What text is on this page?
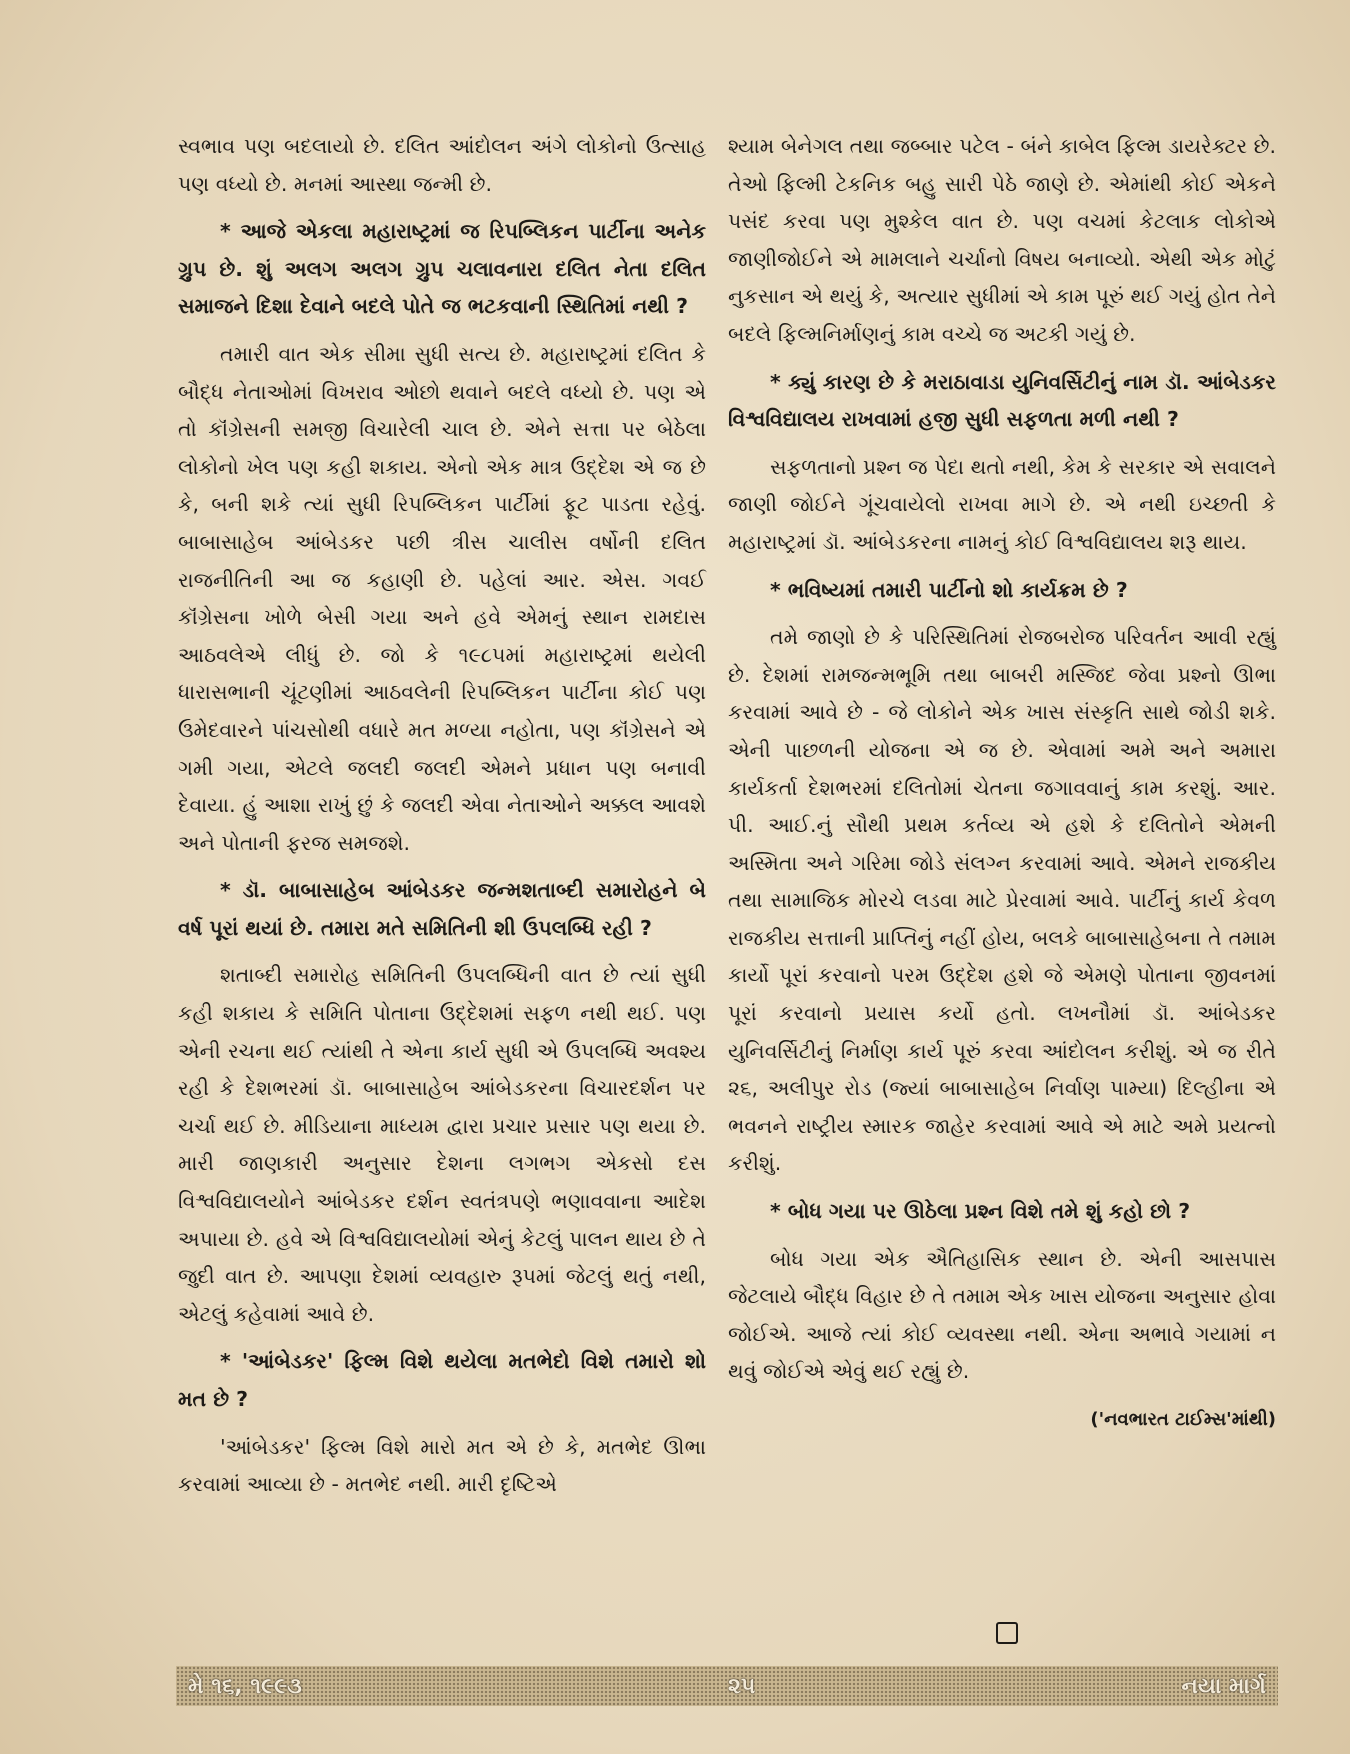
સ્વભાવ પણ બદલાયો છે. દલિત આંદોલન અંગે લોકોનો ઉત્સાહ પણ વધ્યો છે. મનમાં આસ્થા જન્મી છે.

* આજે એકલા મહારાષ્ટ્રમાં જ રિપબ્લિકન પાર્ટીના અનેક ગ્રુપ છે. શું અલગ અલગ ગ્રુપ ચલાવનારા દલિત નેતા દલિત સમાજને દિશા દેવાને બદલે પોતે જ ભટકવાની સ્થિતિમાં નથી ?

તમારી વાત એક સીમા સુધી સત્ય છે. મહારાષ્ટ્રમાં દલિત કે બૌદ્ધ નેતાઓમાં વિખરાવ ઓછો થવાને બદલે વધ્યો છે. પણ એ તો કૉંગ્રેસની સમજી વિચારેલી ચાલ છે. એને સત્તા પર બેઠેલા લોકોનો ખેલ પણ કહી શકાય. એનો એક માત્ર ઉદ્દેશ એ જ છે કે, બની શકે ત્યાં સુધી રિપબ્લિકન પાર્ટીમાં ફૂટ પાડતા રહેવું. બાબાસાહેબ આંબેડકર પછી ત્રીસ ચાલીસ વર્ષોની દલિત રાજનીતિની આ જ કહાણી છે. પહેલાં આર. એસ. ગવઈ કૉંગ્રેસના ખોળે બેસી ગયા અને હવે એમનું સ્થાન રામદાસ આઠવલેએ લીધું છે. જો કે ૧૯૮૫માં મહારાષ્ટ્રમાં થયેલી ધારાસભાની ચૂંટણીમાં આઠવલેની રિપબ્લિકન પાર્ટીના કોઈ પણ ઉમેદવારને પાંચસોથી વધારે મત મળ્યા નહોતા, પણ કૉંગ્રેસને એ ગમી ગયા, એટલે જલદી જલદી એમને પ્રધાન પણ બનાવી દેવાયા. હું આશા રાખું છું કે જલદી એવા નેતાઓને અક્કલ આવશે અને પોતાની ફરજ સમજશે.

* ડૉ. બાબાસાહેબ આંબેડકર જન્મશતાબ્દી સમારોહને બે વર્ષ પૂરાં થયાં છે. તમારા મતે સમિતિની શી ઉપલબ્ધિ રહી ?

શતાબ્દી સમારોહ સમિતિની ઉપલબ્ધિની વાત છે ત્યાં સુધી કહી શકાય કે સમિતિ પોતાના ઉદ્દેશમાં સફળ નથી થઈ. પણ એની રચના થઈ ત્યાંથી તે એના કાર્ય સુધી એ ઉપલબ્ધિ અવશ્ય રહી કે દેશભરમાં ડૉ. બાબાસાહેબ આંબેડકરના વિચારદર્શન પર ચર્ચા થઈ છે. મીડિયાના માધ્યમ દ્વારા પ્રચાર પ્રસાર પણ થયા છે. મારી જાણકારી અનુસાર દેશના લગભગ એકસો દસ વિશ્વવિદ્યાલયોને આંબેડકર દર્શન સ્વતંત્રપણે ભણાવવાના આદેશ અપાયા છે. હવે એ વિશ્વવિદ્યાલયોમાં એનું કેટલું પાલન થાય છે તે જુદી વાત છે. આપણા દેશમાં વ્યવહારુ રૂપમાં જેટલું થતું નથી, એટલું કહેવામાં આવે છે.

* 'આંબેડકર' ફિલ્મ વિશે થયેલા મતભેદો વિશે તમારો શો મત છે ?

'આંબેડકર' ફિલ્મ વિશે મારો મત એ છે કે, મતભેદ ઊભા કરવામાં આવ્યા છે - મતભેદ નથી. મારી દૃષ્ટિએ

શ્યામ બેનેગલ તથા જબ્બાર પટેલ - બંને કાબેલ ફિલ્મ ડાયરેક્ટર છે. તેઓ ફિલ્મી ટેકનિક બહુ સારી પેઠે જાણે છે. એમાંથી કોઈ એકને પસંદ કરવા પણ મુશ્કેલ વાત છે. પણ વચમાં કેટલાક લોકોએ જાણીજોઈને એ મામલાને ચર્ચાનો વિષય બનાવ્યો. એથી એક મોટું નુકસાન એ થયું કે, અત્યાર સુધીમાં એ કામ પૂરું થઈ ગયું હોત તેને બદલે ફિલ્મનિર્માણનું કામ વચ્ચે જ અટકી ગયું છે.

* ક્યું કારણ છે કે મરાઠાવાડા યુનિવર્સિટીનું નામ ડૉ. આંબેડકર વિશ્વવિદ્યાલય રાખવામાં હજી સુધી સફળતા મળી નથી ?

સફળતાનો પ્રશ્ન જ પેદા થતો નથી, કેમ કે સરકાર એ સવાલને જાણી જોઈને ગૂંચવાયેલો રાખવા માગે છે. એ નથી ઇચ્છતી કે મહારાષ્ટ્રમાં ડૉ. આંબેડકરના નામનું કોઈ વિશ્વવિદ્યાલય શરૂ થાય.

* ભવિષ્યમાં તમારી પાર્ટીનો શો કાર્યક્રમ છે ?

તમે જાણો છે કે પરિસ્થિતિમાં રોજબરોજ પરિવર્તન આવી રહ્યું છે. દેશમાં રામજન્મભૂમિ તથા બાબરી મસ્જિદ જેવા પ્રશ્નો ઊભા કરવામાં આવે છે - જે લોકોને એક ખાસ સંસ્કૃતિ સાથે જોડી શકે. એની પાછળની યોજના એ જ છે. એવામાં અમે અને અમારા કાર્યકર્તા દેશભરમાં દલિતોમાં ચેતના જગાવવાનું કામ કરશું. આર. પી. આઈ.નું સૌથી પ્રથમ કર્તવ્ય એ હશે કે દલિતોને એમની અસ્મિતા અને ગરિમા જોડે સંલગ્ન કરવામાં આવે. એમને રાજકીય તથા સામાજિક મોરચે લડવા માટે પ્રેરવામાં આવે. પાર્ટીનું કાર્ય કેવળ રાજકીય સત્તાની પ્રાપ્તિનું નહીં હોય, બલકે બાબાસાહેબના તે તમામ કાર્યો પૂરાં કરવાનો પરમ ઉદ્દેશ હશે જે એમણે પોતાના જીવનમાં પૂરાં કરવાનો પ્રયાસ કર્યો હતો. લખનૌમાં ડૉ. આંબેડકર યુનિવર્સિટીનું નિર્માણ કાર્ય પૂરું કરવા આંદોલન કરીશું. એ જ રીતે ૨૬, અલીપુર રોડ (જ્યાં બાબાસાહેબ નિર્વાણ પામ્યા) દિલ્હીના એ ભવનને રાષ્ટ્રીય સ્મારક જાહેર કરવામાં આવે એ માટે અમે પ્રયત્નો કરીશું.

* બોધ ગયા પર ઊઠેલા પ્રશ્ન વિશે તમે શું કહો છો ?

બોધ ગયા એક ઐતિહાસિક સ્થાન છે. એની આસપાસ જેટલાયે બૌદ્ધ વિહાર છે તે તમામ એક ખાસ યોજના અનુસાર હોવા જોઈએ. આજે ત્યાં કોઈ વ્યવસ્થા નથી. એના અભાવે ગયામાં ન થવું જોઈએ એવું થઈ રહ્યું છે.

('નવભારત ટાઈમ્સ'માંથી)

મે ૧૬, ૧૯૯૩	૨૫	નયા માર્ગ
